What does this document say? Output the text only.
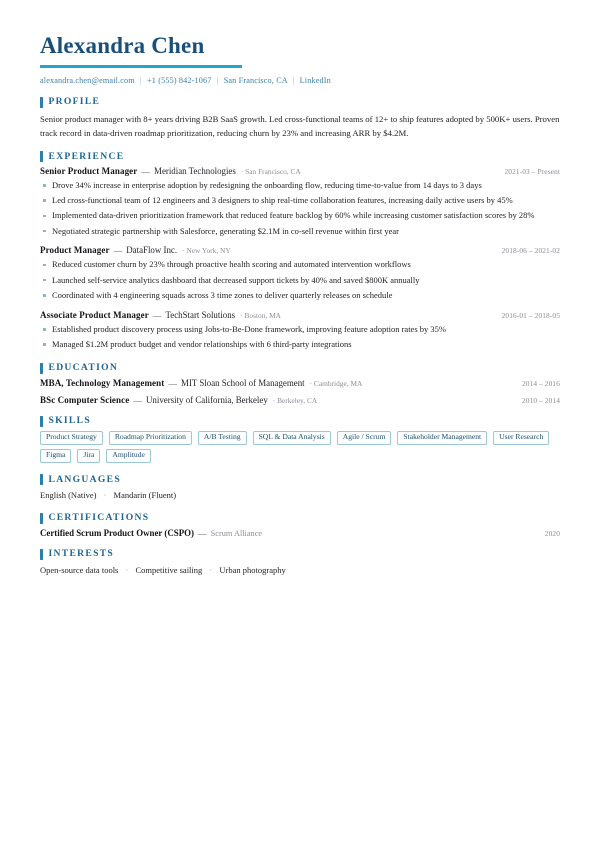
Alexandra Chen
alexandra.chen@email.com | +1 (555) 842-1067 | San Francisco, CA | LinkedIn
PROFILE
Senior product manager with 8+ years driving B2B SaaS growth. Led cross-functional teams of 12+ to ship features adopted by 500K+ users. Proven track record in data-driven roadmap prioritization, reducing churn by 23% and increasing ARR by $4.2M.
EXPERIENCE
Senior Product Manager — Meridian Technologies · San Francisco, CA	2021-03 – Present
Drove 34% increase in enterprise adoption by redesigning the onboarding flow, reducing time-to-value from 14 days to 3 days
Led cross-functional team of 12 engineers and 3 designers to ship real-time collaboration features, increasing daily active users by 45%
Implemented data-driven prioritization framework that reduced feature backlog by 60% while increasing customer satisfaction scores by 28%
Negotiated strategic partnership with Salesforce, generating $2.1M in co-sell revenue within first year
Product Manager — DataFlow Inc. · New York, NY	2018-06 – 2021-02
Reduced customer churn by 23% through proactive health scoring and automated intervention workflows
Launched self-service analytics dashboard that decreased support tickets by 40% and saved $800K annually
Coordinated with 4 engineering squads across 3 time zones to deliver quarterly releases on schedule
Associate Product Manager — TechStart Solutions · Boston, MA	2016-01 – 2018-05
Established product discovery process using Jobs-to-Be-Done framework, improving feature adoption rates by 35%
Managed $1.2M product budget and vendor relationships with 6 third-party integrations
EDUCATION
MBA, Technology Management — MIT Sloan School of Management · Cambridge, MA	2014 – 2016
BSc Computer Science — University of California, Berkeley · Berkeley, CA	2010 – 2014
SKILLS
Product Strategy	Roadmap Prioritization	A/B Testing	SQL & Data Analysis	Agile / Scrum	Stakeholder Management	User Research
Figma	Jira	Amplitude
LANGUAGES
English (Native) · Mandarin (Fluent)
CERTIFICATIONS
Certified Scrum Product Owner (CSPO) — Scrum Alliance	2020
INTERESTS
Open-source data tools · Competitive sailing · Urban photography
